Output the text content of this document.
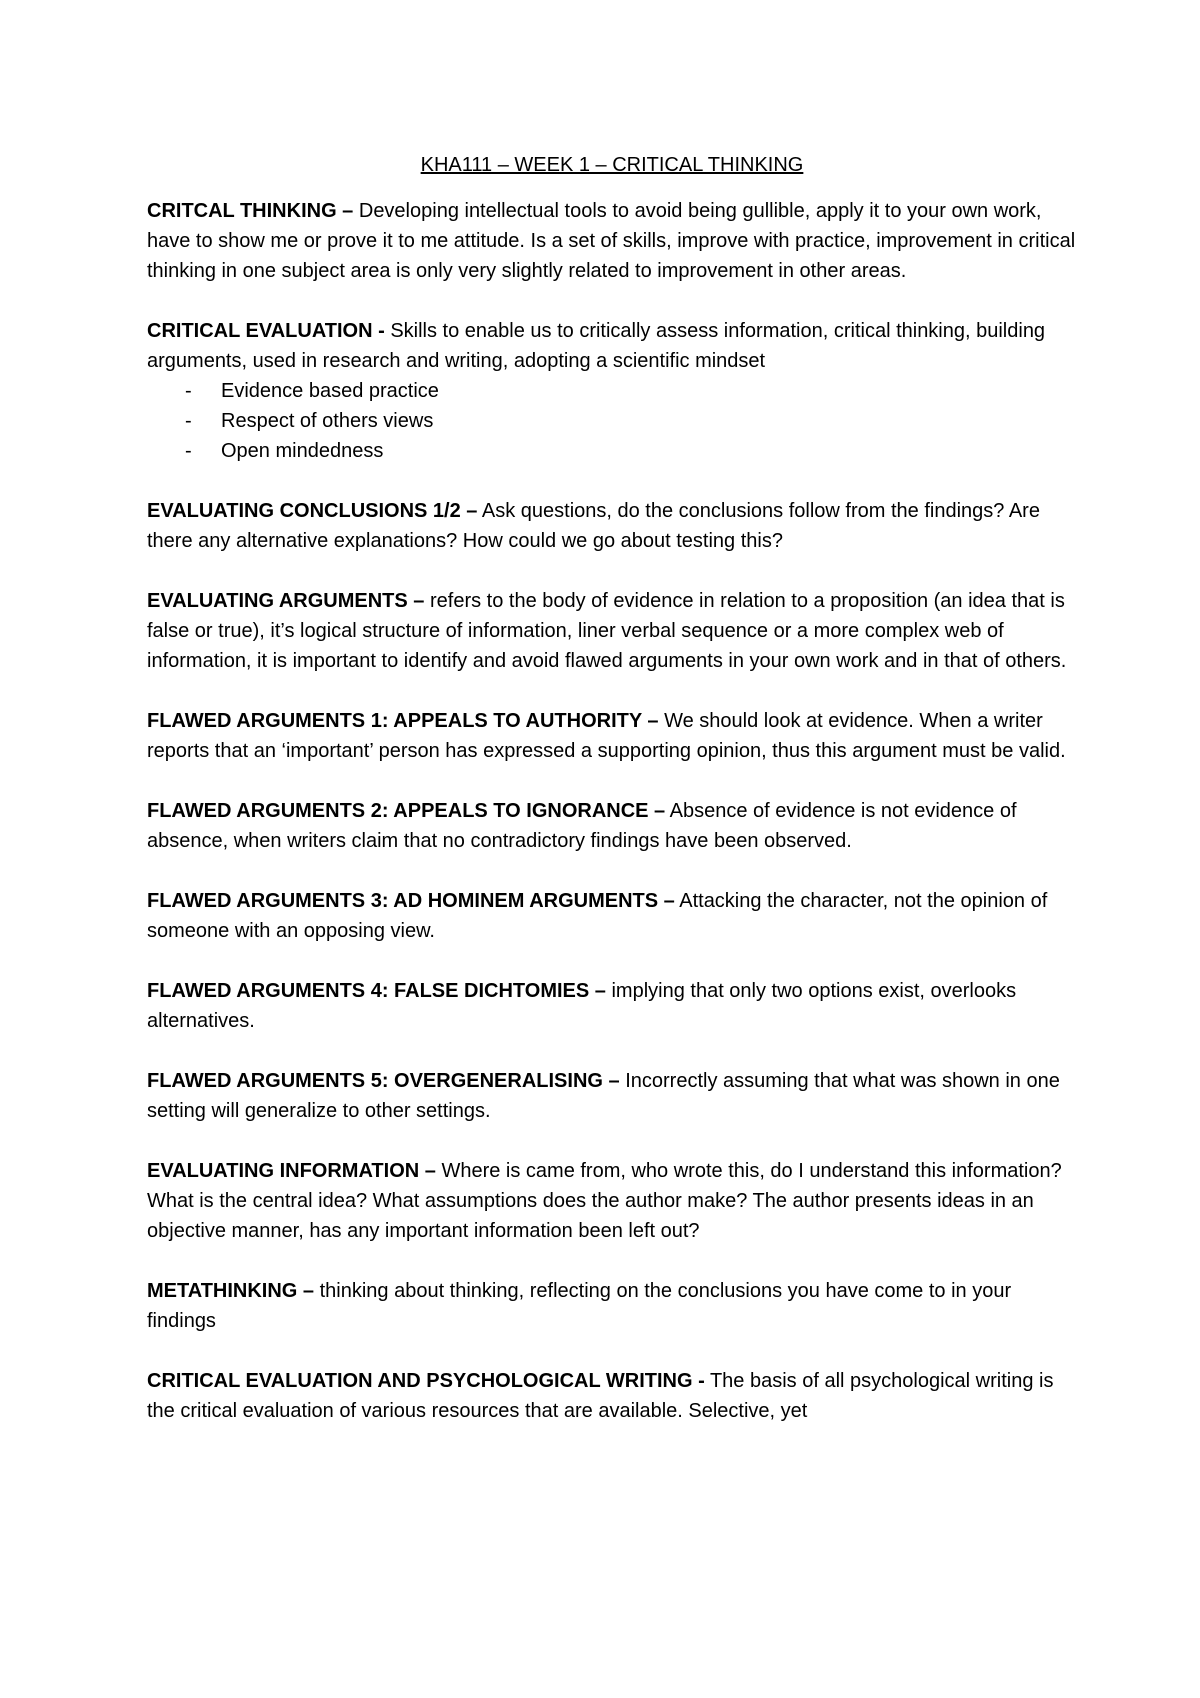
KHA111 – WEEK 1 – CRITICAL THINKING

CRITCAL THINKING – Developing intellectual tools to avoid being gullible, apply it to your own work, have to show me or prove it to me attitude. Is a set of skills, improve with practice, improvement in critical thinking in one subject area is only very slightly related to improvement in other areas.

CRITICAL EVALUATION - Skills to enable us to critically assess information, critical thinking, building arguments, used in research and writing, adopting a scientific mindset

- Evidence based practice
- Respect of others views
- Open mindedness

EVALUATING CONCLUSIONS 1/2 – Ask questions, do the conclusions follow from the findings? Are there any alternative explanations? How could we go about testing this?

EVALUATING ARGUMENTS – refers to the body of evidence in relation to a proposition (an idea that is false or true), it’s logical structure of information, liner verbal sequence or a more complex web of information, it is important to identify and avoid flawed arguments in your own work and in that of others.

FLAWED ARGUMENTS 1: APPEALS TO AUTHORITY – We should look at evidence. When a writer reports that an ‘important’ person has expressed a supporting opinion, thus this argument must be valid.

FLAWED ARGUMENTS 2: APPEALS TO IGNORANCE – Absence of evidence is not evidence of absence, when writers claim that no contradictory findings have been observed.

FLAWED ARGUMENTS 3: AD HOMINEM ARGUMENTS – Attacking the character, not the opinion of someone with an opposing view.

FLAWED ARGUMENTS 4: FALSE DICHTOMIES – implying that only two options exist, overlooks alternatives.

FLAWED ARGUMENTS 5: OVERGENERALISING – Incorrectly assuming that what was shown in one setting will generalize to other settings.

EVALUATING INFORMATION – Where is came from, who wrote this, do I understand this information? What is the central idea? What assumptions does the author make? The author presents ideas in an objective manner, has any important information been left out?

METATHINKING – thinking about thinking, reflecting on the conclusions you have come to in your findings

CRITICAL EVALUATION AND PSYCHOLOGICAL WRITING - The basis of all psychological writing is the critical evaluation of various resources that are available. Selective, yet
